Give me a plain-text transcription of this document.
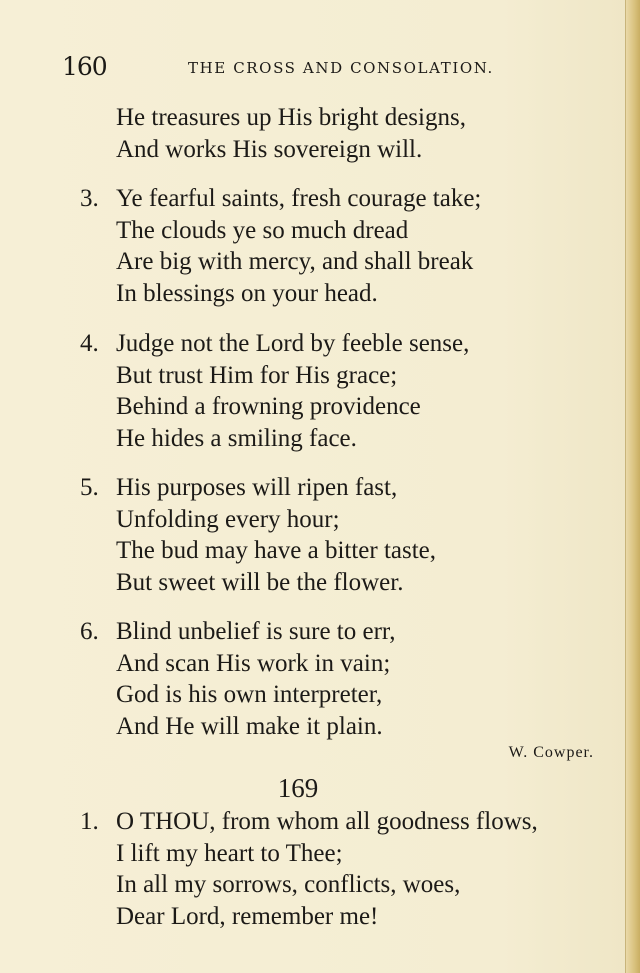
160	THE CROSS AND CONSOLATION.
He treasures up His bright designs,
And works His sovereign will.
3. Ye fearful saints, fresh courage take;
The clouds ye so much dread
Are big with mercy, and shall break
In blessings on your head.
4. Judge not the Lord by feeble sense,
But trust Him for His grace;
Behind a frowning providence
He hides a smiling face.
5. His purposes will ripen fast,
Unfolding every hour;
The bud may have a bitter taste,
But sweet will be the flower.
6. Blind unbelief is sure to err,
And scan His work in vain;
God is his own interpreter,
And He will make it plain.
W. Cowper.
169
1. O THOU, from whom all goodness flows,
I lift my heart to Thee;
In all my sorrows, conflicts, woes,
Dear Lord, remember me!
